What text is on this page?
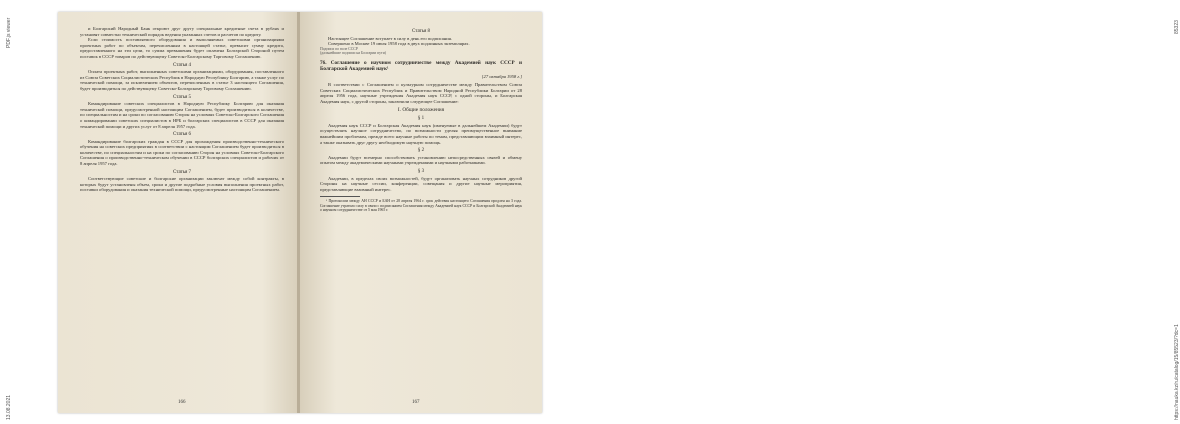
PDF.js viewer
13.08.2021
85323
https://nauka.kz/ru/catalog/15/85523/?dc=1

и Болгарский Народный Банк откроют друг другу специальные кредитные счета в рублях и установят совместно технический порядок ведения указанных счетов и расчетов по кредиту.

Если стоимость поставляемого оборудования и выполняемых советскими организациями проектных работ по объектам, перечисленным в настоящей статье, превысит сумму кредита, предоставленного на эти цели, то сумма превышения будет оплачена Болгарской Стороной путем поставок в СССР товаров по действующему Советско-Болгарскому Торговому Соглашению.

Статья 4

Оплата проектных работ, выполненных советскими организациями, оборудования, поставленного из Союза Советских Социалистических Республик в Народную Республику Болгарию, а также услуг по технической помощи, за исключением объектов, перечисленных в статье 3 настоящего Соглашения, будет производиться по действующему Советско-Болгарскому Торговому Соглашению.

Статья 5

Командирование советских специалистов в Народную Республику Болгарию для оказания технической помощи, предусмотренной настоящим Соглашением, будет производиться в количестве, по специальностям и на сроки по согласованию Сторон на условиях Советско-Болгарского Соглашения о командировании советских специалистов в НРБ и болгарских специалистов в СССР для оказания технической помощи и других услуг от 8 апреля 1957 года.

Статья 6

Командирование болгарских граждан в СССР для прохождения производственно-технического обучения на советских предприятиях в соответствии с настоящим Соглашением будет производиться в количестве, по специальностям и на сроки по согласованию Сторон на условиях Советско-Болгарского Соглашения о производственно-техническом обучении в СССР болгарских специалистов и рабочих от 8 апреля 1957 года.

Статья 7

Соответствующие советские и болгарские организации заключат между собой контракты, в которых будут установлены объем, сроки и другие подробные условия выполнения проектных работ, поставки оборудования и оказания технической помощи, предусмотренные настоящим Соглашением.

166

Статья 8

Настоящее Соглашение вступает в силу в день его подписания.

Совершено в Москве 19 июля 1958 года в двух подлинных экземплярах.

Подписи по воле СССР

(дальнейшие подписи на Болгарии пути)

76. Соглашение о научном сотрудничестве между Академией наук СССР и Болгарской Академией наук¹

[27 октября 1958 г.]

В соответствии с Соглашением о культурном сотрудничестве между Правительством Союза Советских Социалистических Республик и Правительством Народной Республики Болгарии от 28 апреля 1956 года, научные учреждения Академия наук СССР, с одной стороны, и Болгарская Академия наук, с другой стороны, заключили следующее Соглашение:

I. Общие положения

§ 1

Академия наук СССР и Болгарская Академия наук (именуемые в дальнейшем Академии) будут осуществлять научное сотрудничество, по возможности уделяя преимущественное внимание важнейшим проблемам, прежде всего научные работы по темам, представляющим взаимный интерес, а также оказывать друг другу необходимую научную помощь.

§ 2

Академии будут всемерно способствовать установлению непосредственных связей и обмену опытом между академическими научными учреждениями и научными работниками.

§ 3

Академии, в пределах своих возможностей, будут организовать научных сотрудников другой Стороны на научные сессии, конференции, совещания и другие научные мероприятия, представляющие взаимный интерес.

¹ Протоколом между АН СССР и БАН от 28 апреля 1964 г. срок действия настоящего Соглашения продлен на 3 года. Соглашение утратило силу в связи с подписанием Соглашения между Академией наук СССР и Болгарской Академией наук о научном сотрудничестве от 5 мая 1965 г.

167
